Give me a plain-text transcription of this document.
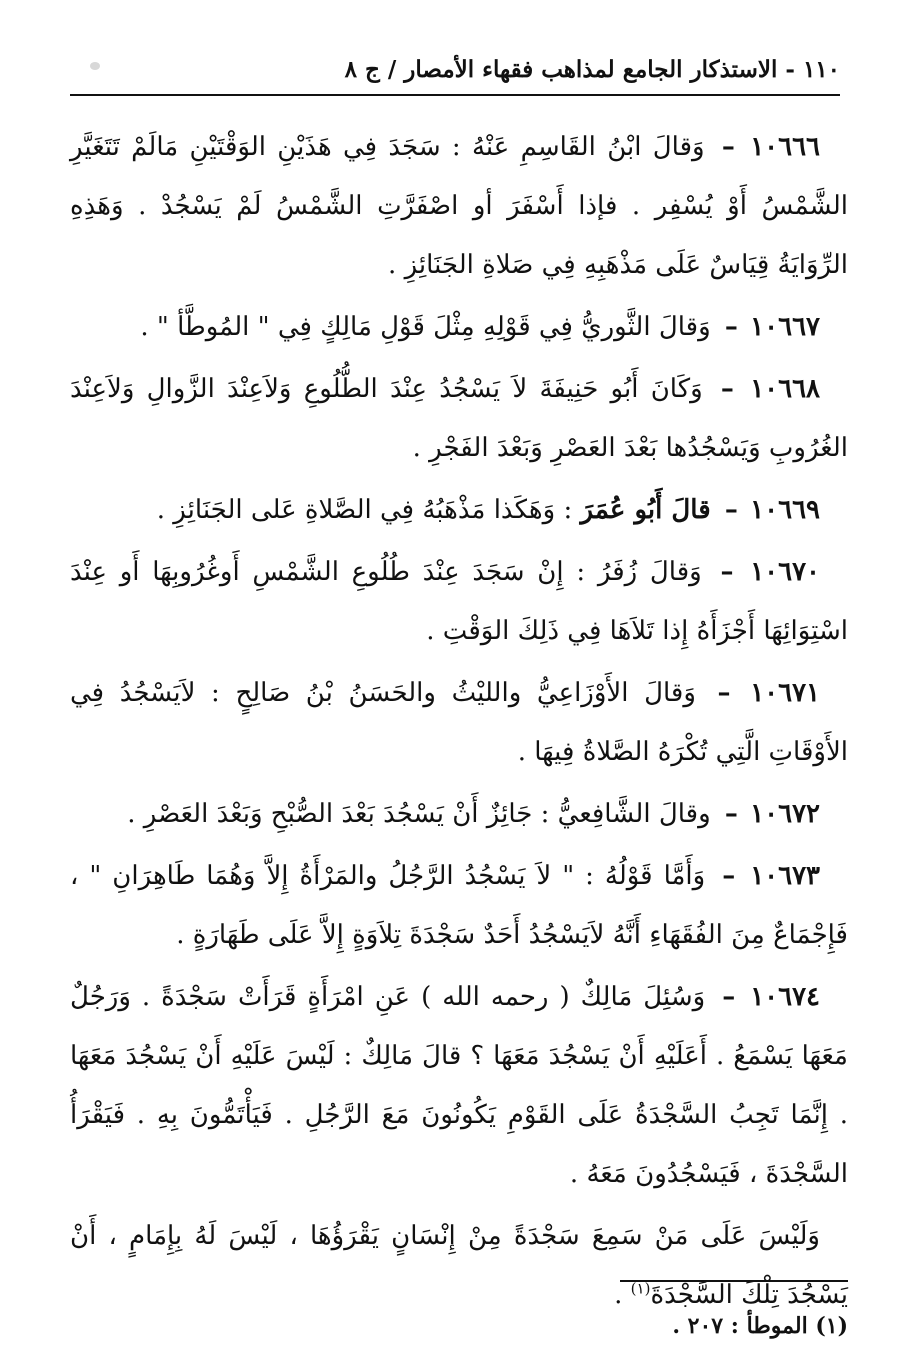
١١٠ - الاستذكار الجامع لمذاهب فقهاء الأمصار / ج ٨

١٠٦٦٦ – وَقالَ ابْنُ القَاسِمِ عَنْهُ : سَجَدَ فِي هَذَيْنِ الوَقْتَيْنِ مَالَمْ تَتَغَيَّرِ الشَّمْسُ أَوْ يُسْفِر . فإذا أَسْفَرَ أو اصْفَرَّتِ الشَّمْسُ لَمْ يَسْجُدْ . وَهَذِهِ الرِّوَايَةُ قِيَاسٌ عَلَى مَذْهَبِهِ فِي صَلاةِ الجَنَائِزِ .

١٠٦٦٧ – وَقالَ الثَّوريُّ فِي قَوْلِهِ مِثْلَ قَوْلِ مَالِكٍ فِي " المُوطَّأ " .

١٠٦٦٨ – وَكَانَ أَبُو حَنِيفَةَ لاَ يَسْجُدُ عِنْدَ الطُّلُوعِ وَلاَعِنْدَ الزَّوالِ وَلاَعِنْدَ الغُرُوبِ وَيَسْجُدُها بَعْدَ العَصْرِ وَبَعْدَ الفَجْرِ .

١٠٦٦٩ – قالَ أَبُو عُمَرَ : وَهَكَذا مَذْهَبُهُ فِي الصَّلاةِ عَلى الجَنَائِزِ .

١٠٦٧٠ – وَقالَ زُفَرُ : إِنْ سَجَدَ عِنْدَ طُلُوعِ الشَّمْسِ أَوغُرُوبِهَا أَو عِنْدَ اسْتِوَائِهَا أَجْزَأَهُ إِذا تَلاَهَا فِي ذَلِكَ الوَقْتِ .

١٠٦٧١ – وَقالَ الأَوْزَاعِيُّ والليْثُ والحَسَنُ بْنُ صَالِحٍ : لاَيَسْجُدُ فِي الأَوْقَاتِ الَّتِي تُكْرَهُ الصَّلاةُ فِيهَا .

١٠٦٧٢ – وقالَ الشَّافِعيُّ : جَائِزٌ أَنْ يَسْجُدَ بَعْدَ الصُّبْحِ وَبَعْدَ العَصْرِ .

١٠٦٧٣ – وَأَمَّا قَوْلُهُ : " لاَ يَسْجُدُ الرَّجُلُ والمَرْأَةُ إِلاَّ وَهُمَا طَاهِرَانِ " ، فَإِجْمَاعٌ مِنَ الفُقَهَاءِ أَنَّهُ لاَيَسْجُدُ أَحَدٌ سَجْدَةَ تِلاَوَةٍ إِلاَّ عَلَى طَهَارَةٍ .

١٠٦٧٤ – وَسُئِلَ مَالِكٌ ( رحمه الله ) عَنِ امْرَأَةٍ قَرَأَتْ سَجْدَةً . وَرَجُلٌ مَعَهَا يَسْمَعُ . أَعَلَيْهِ أَنْ يَسْجُدَ مَعَهَا ؟ قالَ مَالِكٌ : لَيْسَ عَلَيْهِ أَنْ يَسْجُدَ مَعَهَا . إِنَّمَا تَجِبُ السَّجْدَةُ عَلَى القَوْمِ يَكُونُونَ مَعَ الرَّجُلِ . فَيَأْتَمُّونَ بِهِ . فَيَقْرَأُ السَّجْدَةَ ، فَيَسْجُدُونَ مَعَهُ .

وَلَيْسَ عَلَى مَنْ سَمِعَ سَجْدَةً مِنْ إِنْسَانٍ يَقْرَؤُهَا ، لَيْسَ لَهُ بِإِمَامٍ ، أَنْ يَسْجُدَ تِلْكَ السَّجْدَةَ$^{(١)}$ .

(١) الموطأ : ٢٠٧ .
